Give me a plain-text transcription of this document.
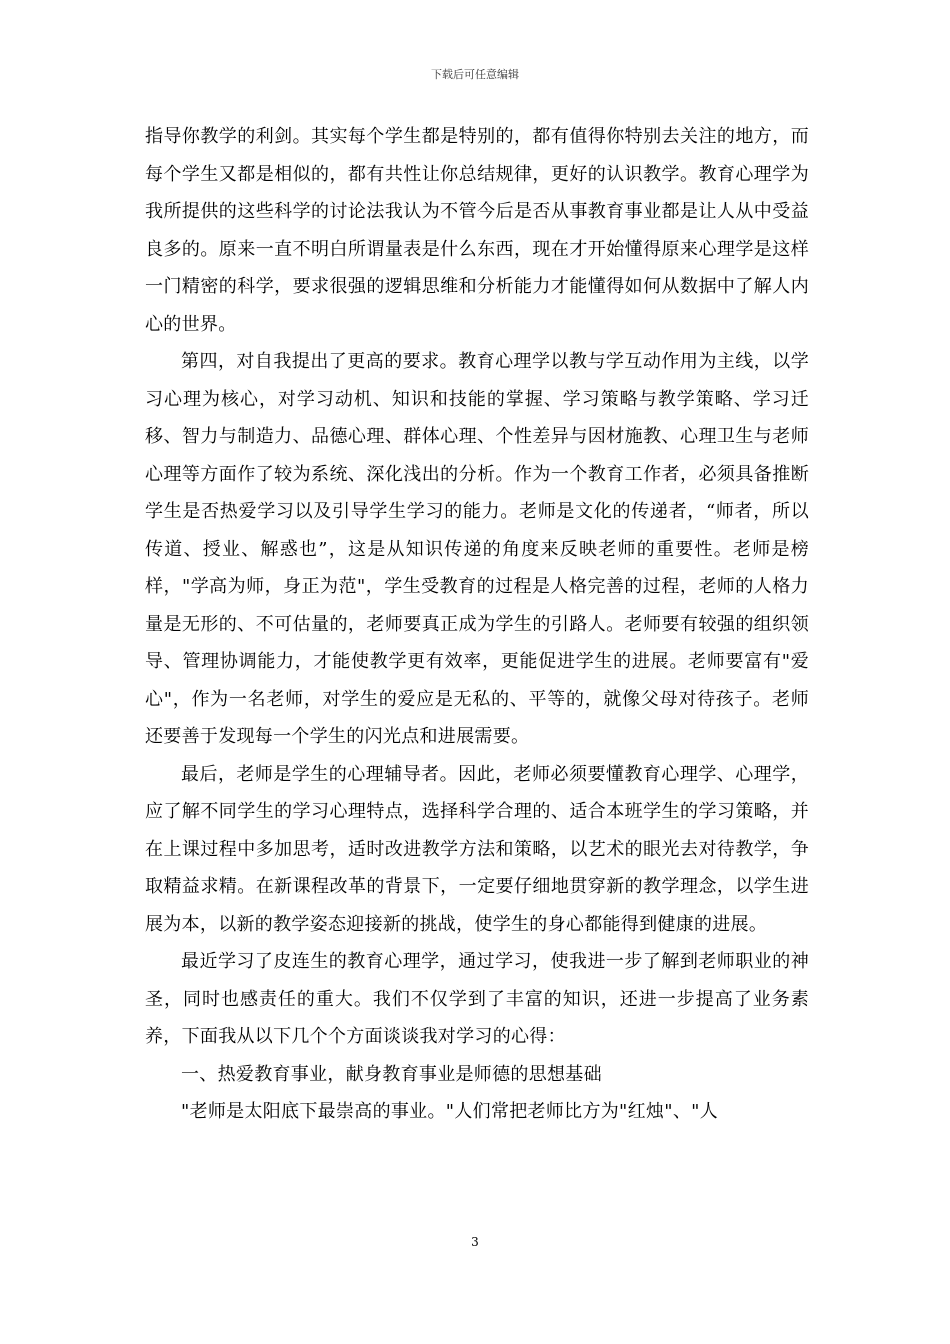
下载后可任意编辑

指导你教学的利剑。其实每个学生都是特别的，都有值得你特别去关注的地方，而每个学生又都是相似的，都有共性让你总结规律，更好的认识教学。教育心理学为我所提供的这些科学的讨论法我认为不管今后是否从事教育事业都是让人从中受益良多的。原来一直不明白所谓量表是什么东西，现在才开始懂得原来心理学是这样一门精密的科学，要求很强的逻辑思维和分析能力才能懂得如何从数据中了解人内心的世界。

第四，对自我提出了更高的要求。教育心理学以教与学互动作用为主线，以学习心理为核心，对学习动机、知识和技能的掌握、学习策略与教学策略、学习迁移、智力与制造力、品德心理、群体心理、个性差异与因材施教、心理卫生与老师心理等方面作了较为系统、深化浅出的分析。作为一个教育工作者，必须具备推断学生是否热爱学习以及引导学生学习的能力。老师是文化的传递者，“师者，所以传道、授业、解惑也”，这是从知识传递的角度来反映老师的重要性。老师是榜样，"学高为师，身正为范"，学生受教育的过程是人格完善的过程，老师的人格力量是无形的、不可估量的，老师要真正成为学生的引路人。老师要有较强的组织领导、管理协调能力，才能使教学更有效率，更能促进学生的进展。老师要富有"爱心"，作为一名老师，对学生的爱应是无私的、平等的，就像父母对待孩子。老师还要善于发现每一个学生的闪光点和进展需要。

最后，老师是学生的心理辅导者。因此，老师必须要懂教育心理学、心理学，应了解不同学生的学习心理特点，选择科学合理的、适合本班学生的学习策略，并在上课过程中多加思考，适时改进教学方法和策略，以艺术的眼光去对待教学，争取精益求精。在新课程改革的背景下，一定要仔细地贯穿新的教学理念，以学生进展为本，以新的教学姿态迎接新的挑战，使学生的身心都能得到健康的进展。

最近学习了皮连生的教育心理学，通过学习，使我进一步了解到老师职业的神圣，同时也感责任的重大。我们不仅学到了丰富的知识，还进一步提高了业务素养，下面我从以下几个个方面谈谈我对学习的心得：

一、热爱教育事业，献身教育事业是师德的思想基础

"老师是太阳底下最崇高的事业。"人们常把老师比方为"红烛"、"人

3
